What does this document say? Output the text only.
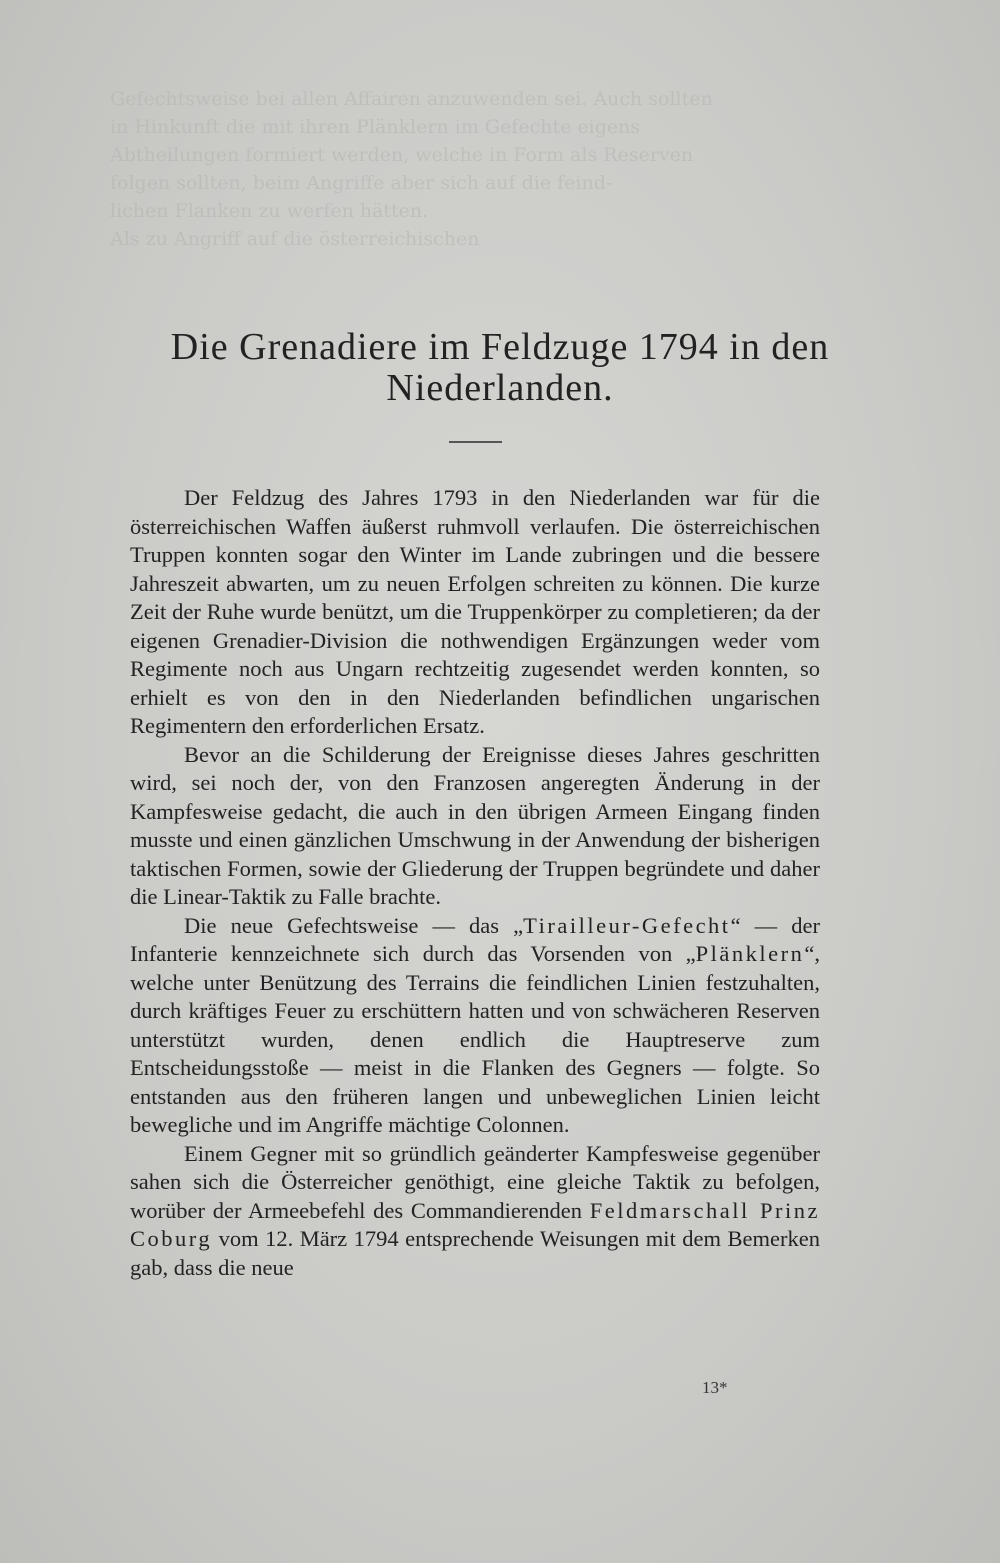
Gefechtsweise bei allen Affairen anzuwenden sei. Auch sollten
in Hinkunft die mit ihren Plänklern im Gefechte eigens
Abtheilungen formiert werden, welche in Form als Reserven
folgen sollten, beim Angriffe aber sich auf die feind-
lichen Flanken zu werfen hätten.
Als zu Angriff auf die österreichischen
Die Grenadiere im Feldzuge 1794 in den
Niederlanden.

Der Feldzug des Jahres 1793 in den Niederlanden war für die österreichischen Waffen äußerst ruhmvoll verlaufen. Die österreichischen Truppen konnten sogar den Winter im Lande zubringen und die bessere Jahreszeit abwarten, um zu neuen Erfolgen schreiten zu können. Die kurze Zeit der Ruhe wurde benützt, um die Truppenkörper zu completieren; da der eigenen Grenadier-Division die nothwendigen Ergänzungen weder vom Regimente noch aus Ungarn rechtzeitig zugesendet werden konnten, so erhielt es von den in den Niederlanden befindlichen ungarischen Regimentern den erforderlichen Ersatz.

Bevor an die Schilderung der Ereignisse dieses Jahres geschritten wird, sei noch der, von den Franzosen angeregten Änderung in der Kampfesweise gedacht, die auch in den übrigen Armeen Eingang finden musste und einen gänzlichen Umschwung in der Anwendung der bisherigen taktischen Formen, sowie der Gliederung der Truppen begründete und daher die Linear-Taktik zu Falle brachte.

Die neue Gefechtsweise — das „Tirailleur-Gefecht“ — der Infanterie kennzeichnete sich durch das Vorsenden von „Plänklern“, welche unter Benützung des Terrains die feindlichen Linien festzuhalten, durch kräftiges Feuer zu erschüttern hatten und von schwächeren Reserven unterstützt wurden, denen endlich die Hauptreserve zum Entscheidungsstoße — meist in die Flanken des Gegners — folgte. So entstanden aus den früheren langen und unbeweglichen Linien leicht bewegliche und im Angriffe mächtige Colonnen.

Einem Gegner mit so gründlich geänderter Kampfesweise gegenüber sahen sich die Österreicher genöthigt, eine gleiche Taktik zu befolgen, worüber der Armeebefehl des Commandierenden Feldmarschall Prinz Coburg vom 12. März 1794 entsprechende Weisungen mit dem Bemerken gab, dass die neue

13*
